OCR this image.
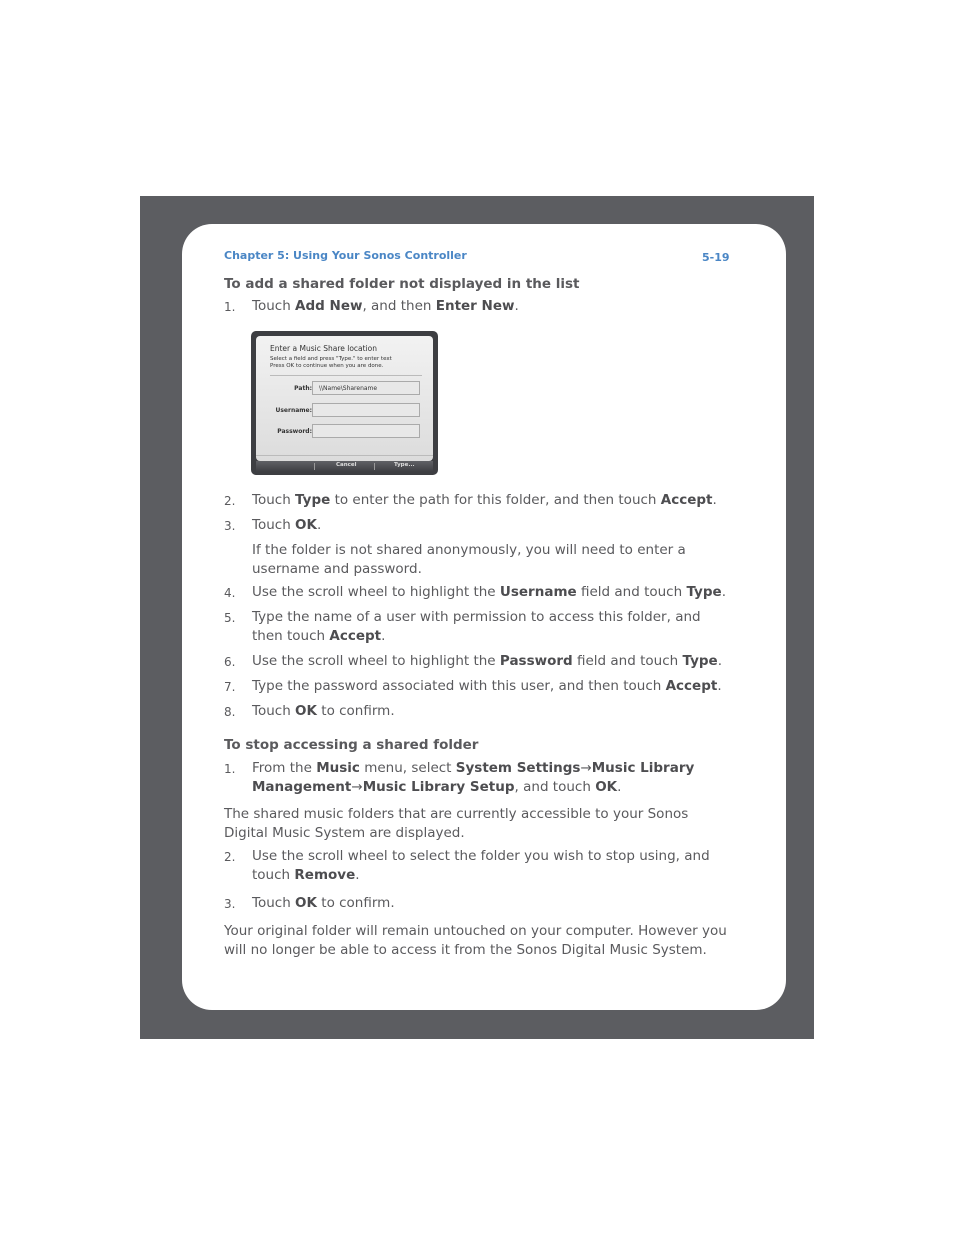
Chapter 5: Using Your Sonos Controller	5-19
To add a shared folder not displayed in the list
1. Touch Add New, and then Enter New.
Enter a Music Share location
Select a field and press "Type." to enter text
Press OK to continue when you are done.
Path:	\\Name\Sharename
Username:
Password:
Cancel	Type...
2. Touch Type to enter the path for this folder, and then touch Accept.
3. Touch OK.
If the folder is not shared anonymously, you will need to enter a username and password.
4. Use the scroll wheel to highlight the Username field and touch Type.
5. Type the name of a user with permission to access this folder, and then touch Accept.
6. Use the scroll wheel to highlight the Password field and touch Type.
7. Type the password associated with this user, and then touch Accept.
8. Touch OK to confirm.
To stop accessing a shared folder
1. From the Music menu, select System Settings→Music Library Management→Music Library Setup, and touch OK.
The shared music folders that are currently accessible to your Sonos Digital Music System are displayed.
2. Use the scroll wheel to select the folder you wish to stop using, and touch Remove.
3. Touch OK to confirm.
Your original folder will remain untouched on your computer. However you will no longer be able to access it from the Sonos Digital Music System.
